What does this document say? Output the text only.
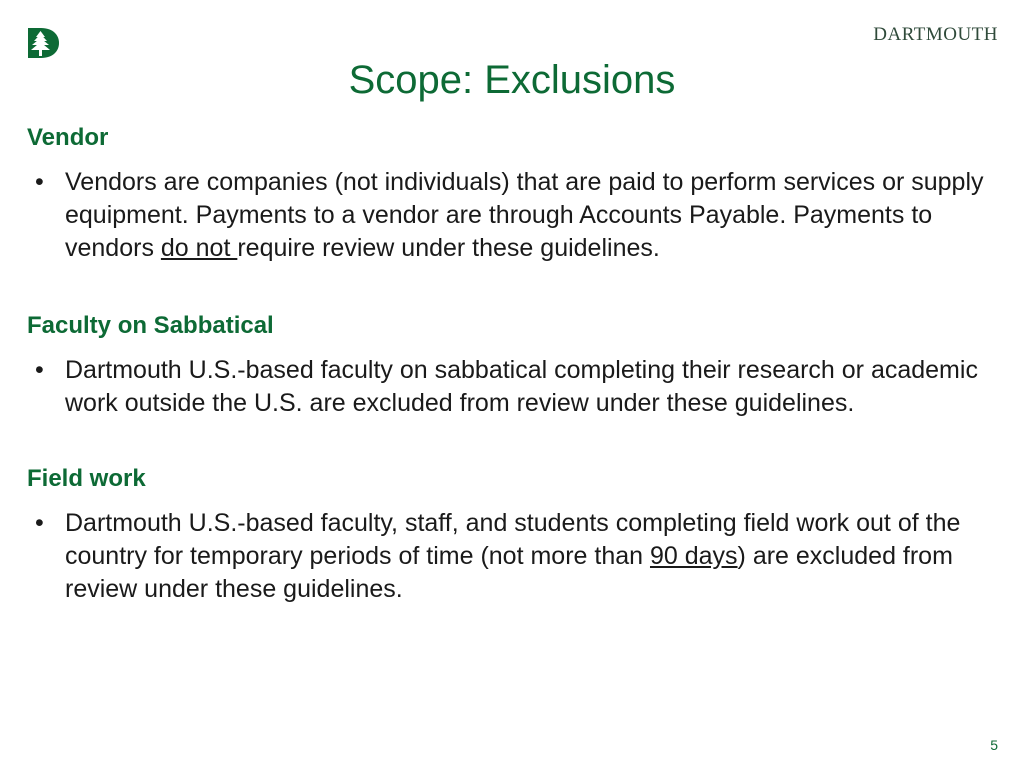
DARTMOUTH
Scope: Exclusions
Vendor
• Vendors are companies (not individuals) that are paid to perform services or supply equipment. Payments to a vendor are through Accounts Payable. Payments to vendors do not require review under these guidelines.
Faculty on Sabbatical
• Dartmouth U.S.-based faculty on sabbatical completing their research or academic work outside the U.S. are excluded from review under these guidelines.
Field work
• Dartmouth U.S.-based faculty, staff, and students completing field work out of the country for temporary periods of time (not more than 90 days) are excluded from review under these guidelines.
5
